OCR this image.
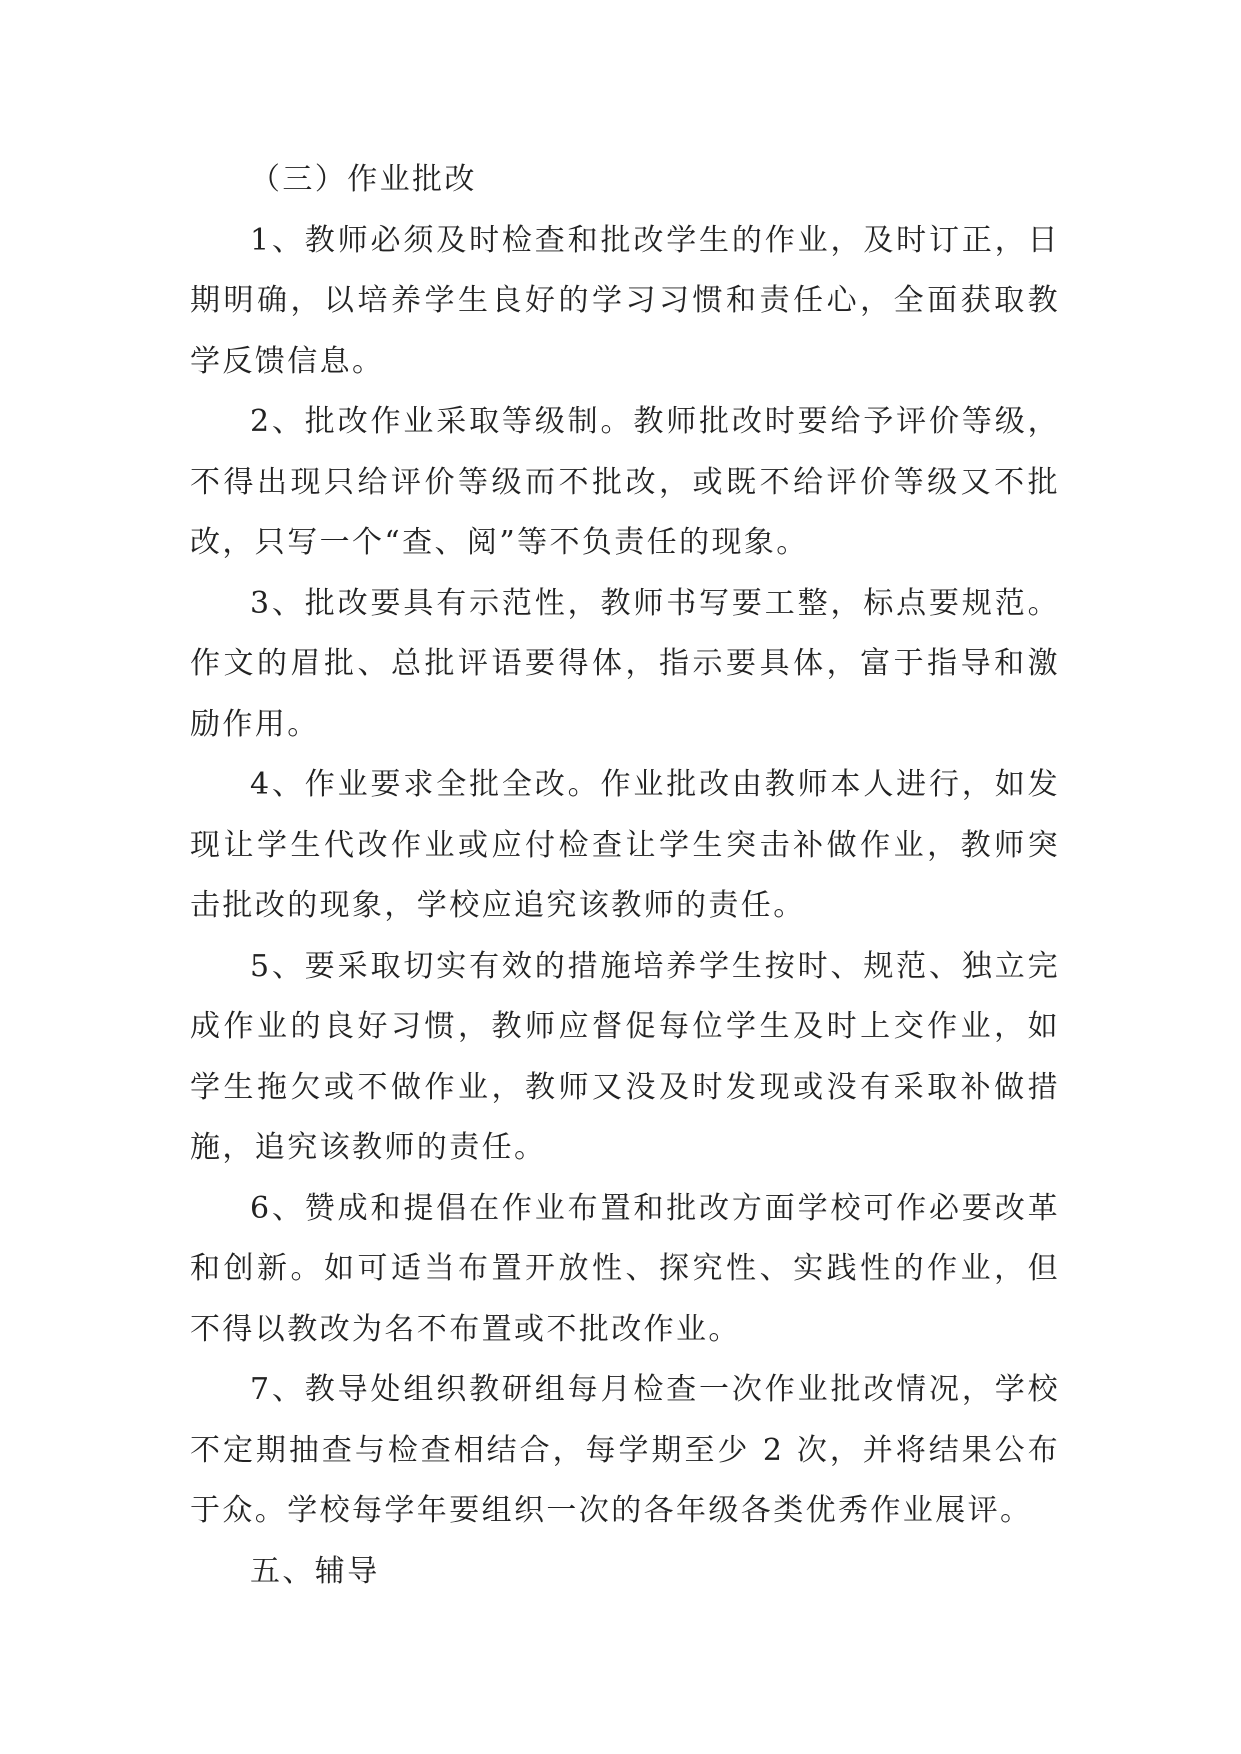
（三）作业批改

1、教师必须及时检查和批改学生的作业，及时订正，日期明确，以培养学生良好的学习习惯和责任心，全面获取教学反馈信息。

2、批改作业采取等级制。教师批改时要给予评价等级，不得出现只给评价等级而不批改，或既不给评价等级又不批改，只写一个“查、阅”等不负责任的现象。

3、批改要具有示范性，教师书写要工整，标点要规范。作文的眉批、总批评语要得体，指示要具体，富于指导和激励作用。

4、作业要求全批全改。作业批改由教师本人进行，如发现让学生代改作业或应付检查让学生突击补做作业，教师突击批改的现象，学校应追究该教师的责任。

5、要采取切实有效的措施培养学生按时、规范、独立完成作业的良好习惯，教师应督促每位学生及时上交作业，如学生拖欠或不做作业，教师又没及时发现或没有采取补做措施，追究该教师的责任。

6、赞成和提倡在作业布置和批改方面学校可作必要改革和创新。如可适当布置开放性、探究性、实践性的作业，但不得以教改为名不布置或不批改作业。

7、教导处组织教研组每月检查一次作业批改情况，学校不定期抽查与检查相结合，每学期至少 2 次，并将结果公布于众。学校每学年要组织一次的各年级各类优秀作业展评。

五、辅导
